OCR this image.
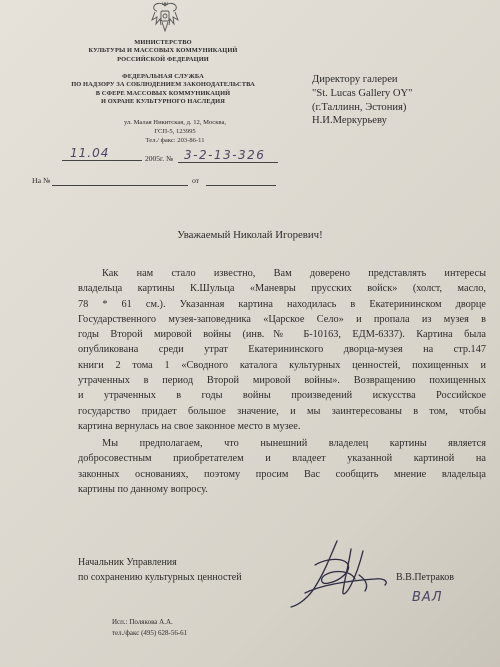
МИНИСТЕРСТВО
КУЛЬТУРЫ И МАССОВЫХ КОММУНИКАЦИЙ
РОССИЙСКОЙ ФЕДЕРАЦИИ
ФЕДЕРАЛЬНАЯ СЛУЖБА
ПО НАДЗОРУ ЗА СОБЛЮДЕНИЕМ ЗАКОНОДАТЕЛЬСТВА
В СФЕРЕ МАССОВЫХ КОММУНИКАЦИЙ
И ОХРАНЕ КУЛЬТУРНОГО НАСЛЕДИЯ
ул. Малая Никитская, д. 12, Москва,
ГСП-5, 123995
Тел./ факс: 203-86-11
11.04	2005г. № 3-2-13-326
На №	от
Директору галереи
"St. Lucas Gallery OY"
(г.Таллинн, Эстония)
Н.И.Меркурьеву
Уважаемый Николай Игоревич!
Как нам стало известно, Вам доверено представлять интересы
владельца картины К.Шульца «Маневры прусских войск» (холст, масло,
78 * 61 см.). Указанная картина находилась в Екатерининском дворце
Государственного музея-заповедника «Царское Село» и пропала из музея в
годы Второй мировой войны (инв.№ Б-10163, ЕДМ-6337). Картина была
опубликована среди утрат Екатерининского дворца-музея на стр.147
книги 2 тома 1 «Сводного каталога культурных ценностей, похищенных и
утраченных в период Второй мировой войны». Возвращению похищенных
и утраченных в годы войны произведений искусства Российское
государство придает большое значение, и мы заинтересованы в том, чтобы
картина вернулась на свое законное место в музее.
Мы предполагаем, что нынешний владелец картины является
добросовестным приобретателем и владеет указанной картиной на
законных основаниях, поэтому просим Вас сообщить мнение владельца
картины по данному вопросу.
Начальник Управления
по сохранению культурных ценностей	В.В.Петраков
ВАЛ
Исп.: Полякова А.А.
тел./факс (495) 628-56-61
